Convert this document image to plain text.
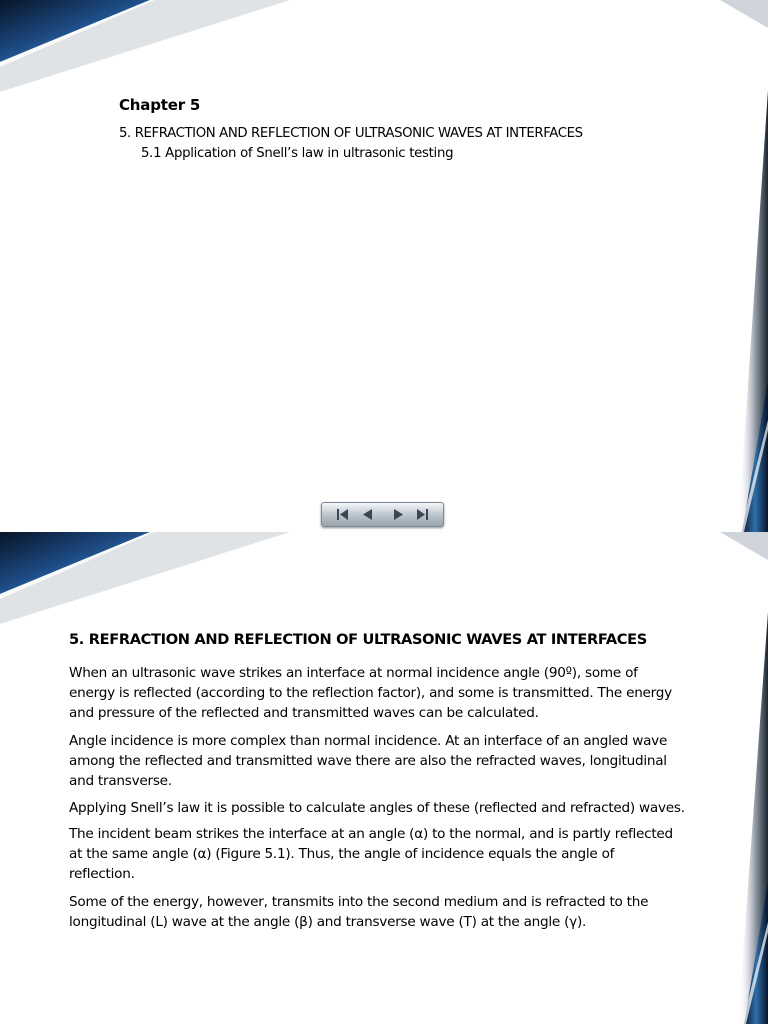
Chapter 5
5. REFRACTION AND REFLECTION OF ULTRASONIC WAVES AT INTERFACES
5.1 Application of Snell’s law in ultrasonic testing
5. REFRACTION AND REFLECTION OF ULTRASONIC WAVES AT INTERFACES
When an ultrasonic wave strikes an interface at normal incidence angle (90º), some of
energy is reflected (according to the reflection factor), and some is transmitted. The energy
and pressure of the reflected and transmitted waves can be calculated.
Angle incidence is more complex than normal incidence. At an interface of an angled wave
among the reflected and transmitted wave there are also the refracted waves, longitudinal
and transverse.
Applying Snell’s law it is possible to calculate angles of these (reflected and refracted) waves.
The incident beam strikes the interface at an angle (α) to the normal, and is partly reflected
at the same angle (α) (Figure 5.1). Thus, the angle of incidence equals the angle of
reflection.
Some of the energy, however, transmits into the second medium and is refracted to the
longitudinal (L) wave at the angle (β) and transverse wave (T) at the angle (γ).
